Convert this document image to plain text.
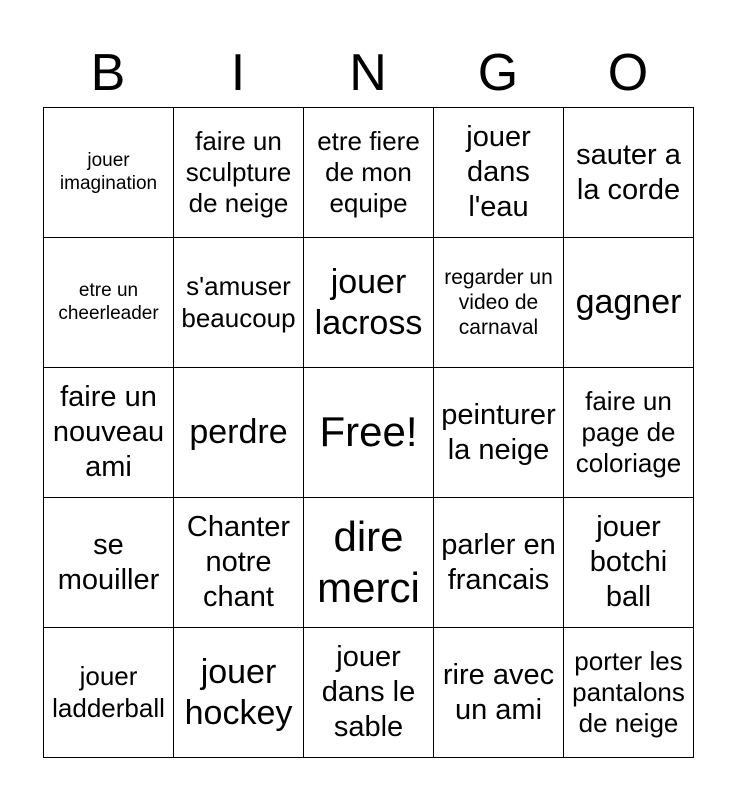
B	I	N	G	O
jouer imagination	faire un sculpture de neige	etre fiere de mon equipe	jouer dans l'eau	sauter a la corde
etre un cheerleader	s'amuser beaucoup	jouer lacross	regarder un video de carnaval	gagner
faire un nouveau ami	perdre	Free!	peinturer la neige	faire un page de coloriage
se mouiller	Chanter notre chant	dire merci	parler en francais	jouer botchi ball
jouer ladderball	jouer hockey	jouer dans le sable	rire avec un ami	porter les pantalons de neige
